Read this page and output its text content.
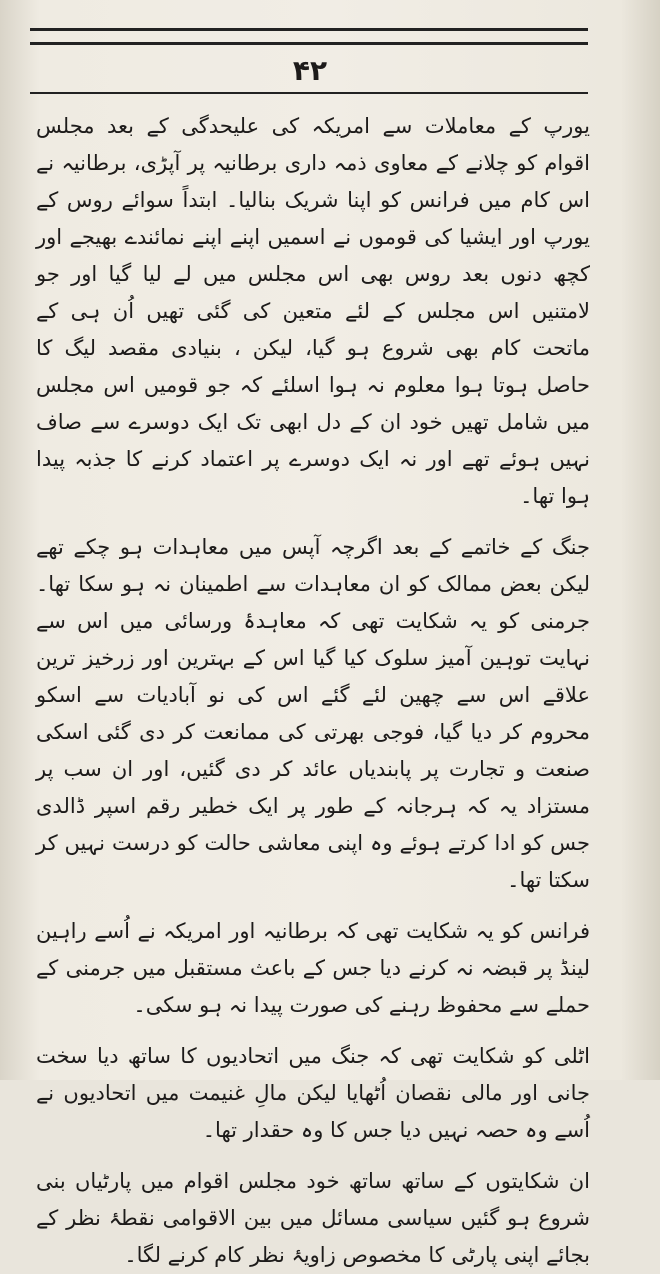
۴۲

یورپ کے معاملات سے امریکہ کی علیحدگی کے بعد مجلس اقوام کو چلانے کے معاوی ذمہ داری برطانیہ پر آپڑی، برطانیہ نے اس کام میں فرانس کو اپنا شریک بنالیا۔ ابتداً سوائے روس کے یورپ اور ایشیا کی قوموں نے اسمیں اپنے اپنے نمائندے بھیجے اور کچھ دنوں بعد روس بھی اس مجلس میں لے لیا گیا اور جو لامتنیں اس مجلس کے لئے متعین کی گئی تھیں اُن ہی کے ماتحت کام بھی شروع ہو گیا، لیکن ، بنیادی مقصد لیگ کا حاصل ہوتا ہوا معلوم نہ ہوا اسلئے کہ جو قومیں اس مجلس میں شامل تھیں خود ان کے دل ابھی تک ایک دوسرے سے صاف نہیں ہوئے تھے اور نہ ایک دوسرے پر اعتماد کرنے کا جذبہ پیدا ہوا تھا۔

جنگ کے خاتمے کے بعد اگرچہ آپس میں معاہدات ہو چکے تھے لیکن بعض ممالک کو ان معاہدات سے اطمینان نہ ہو سکا تھا۔ جرمنی کو یہ شکایت تھی کہ معاہدۂ ورسائی میں اس سے نہایت توہین آمیز سلوک کیا گیا اس کے بہترین اور زرخیز ترین علاقے اس سے چھین لئے گئے اس کی نو آبادیات سے اسکو محروم کر دیا گیا، فوجی بھرتی کی ممانعت کر دی گئی اسکی صنعت و تجارت پر پابندیاں عائد کر دی گئیں، اور ان سب پر مستزاد یہ کہ ہرجانہ کے طور پر ایک خطیر رقم اسپر ڈالدی جس کو ادا کرتے ہوئے وہ اپنی معاشی حالت کو درست نہیں کر سکتا تھا۔

فرانس کو یہ شکایت تھی کہ برطانیہ اور امریکہ نے اُسے راہین لینڈ پر قبضہ نہ کرنے دیا جس کے باعث مستقبل میں جرمنی کے حملے سے محفوظ رہنے کی صورت پیدا نہ ہو سکی۔

اٹلی کو شکایت تھی کہ جنگ میں اتحادیوں کا ساتھ دیا سخت جانی اور مالی نقصان اُٹھایا لیکن مالِ غنیمت میں اتحادیوں نے اُسے وہ حصہ نہیں دیا جس کا وہ حقدار تھا۔

ان شکایتوں کے ساتھ ساتھ خود مجلس اقوام میں پارٹیاں بنی شروع ہو گئیں سیاسی مسائل میں بین الاقوامی نقطۂ نظر کے بجائے اپنی پارٹی کا مخصوص زاویۂ نظر کام کرنے لگا۔
